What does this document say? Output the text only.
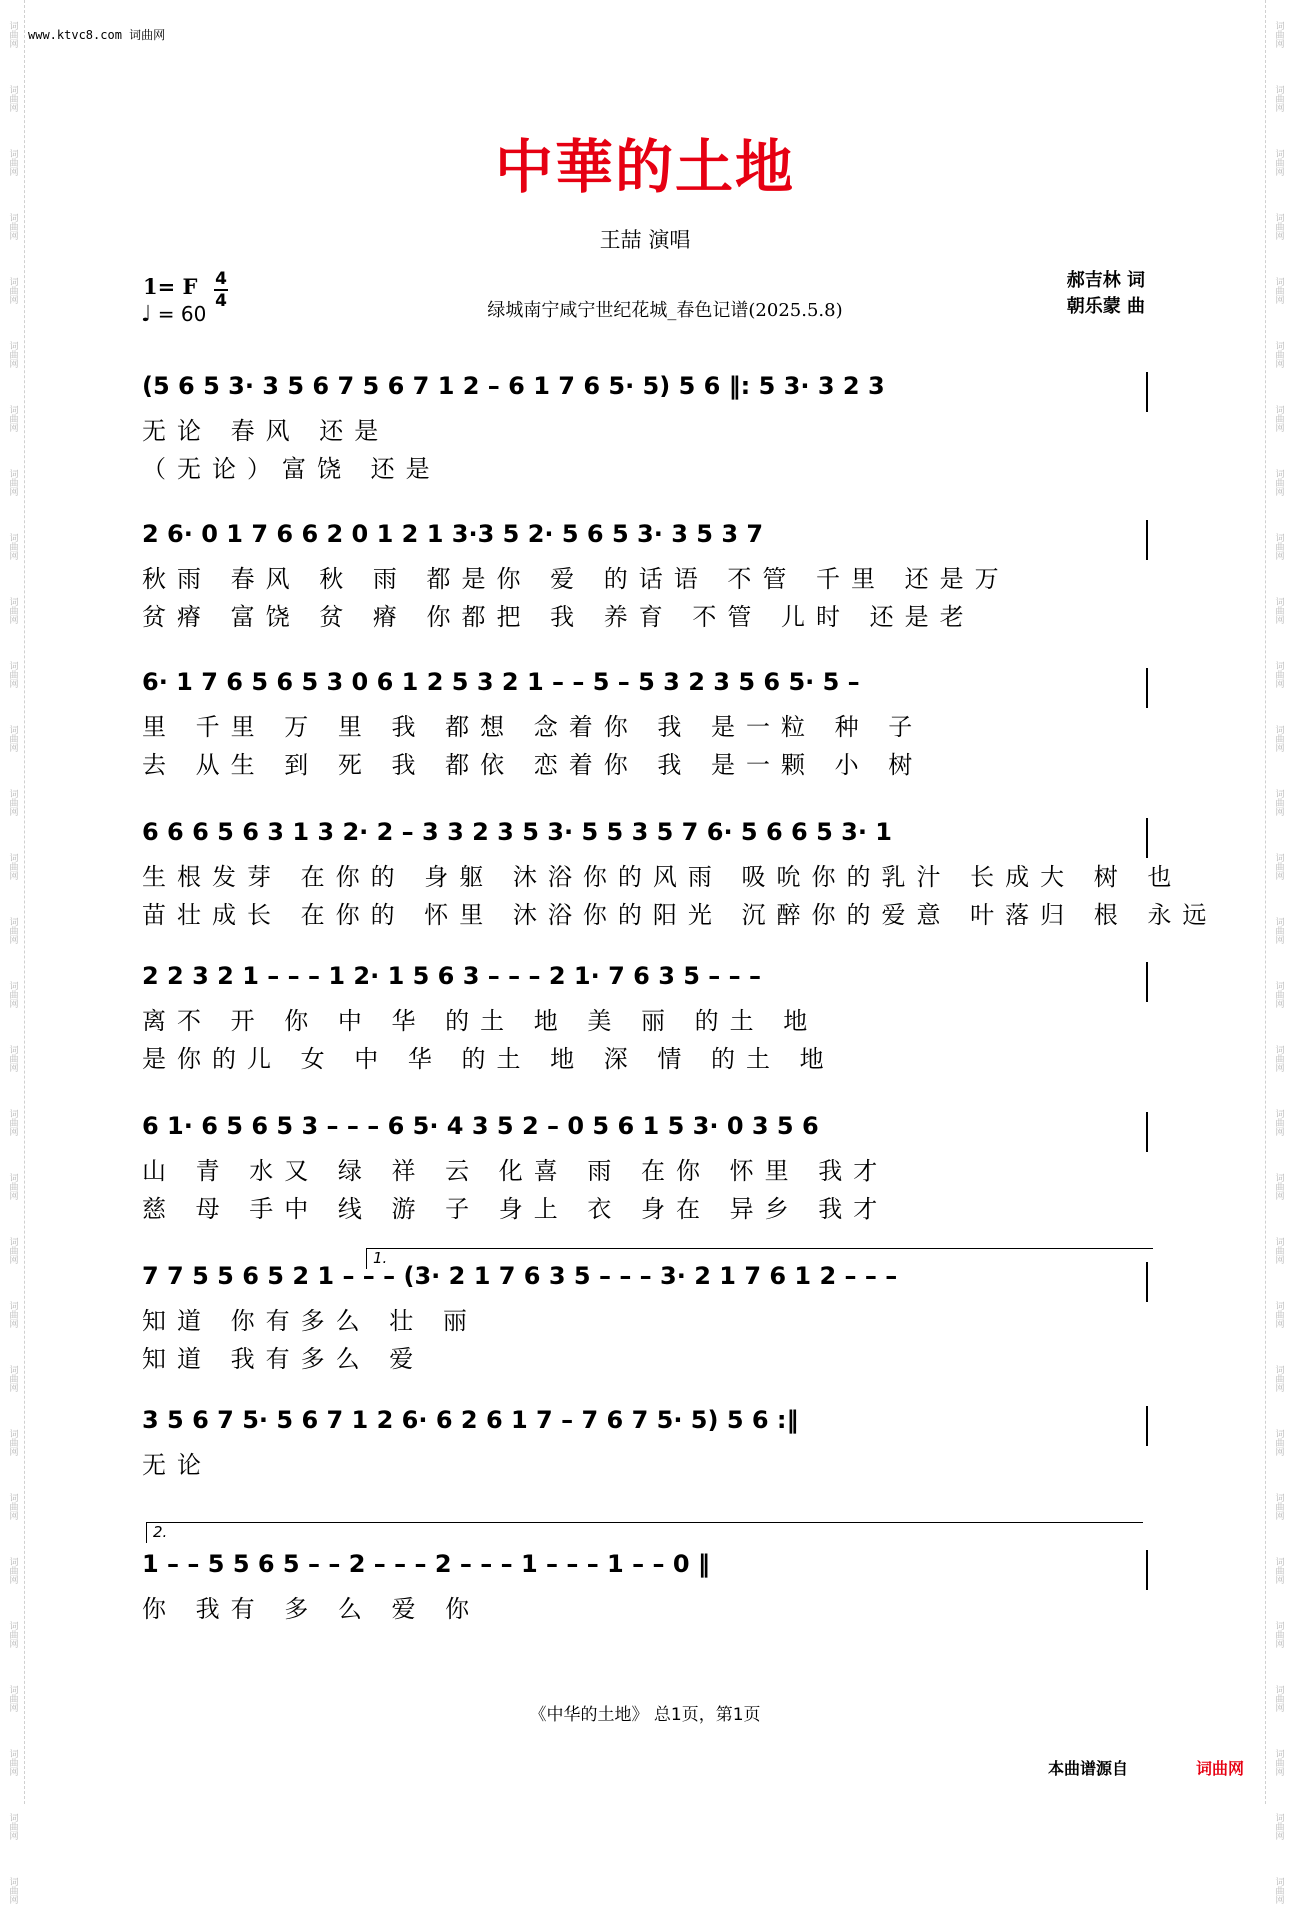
词曲网
词曲网
词曲网
词曲网
词曲网
词曲网
词曲网
词曲网
词曲网
词曲网
词曲网
词曲网
词曲网
词曲网
词曲网
词曲网
词曲网
词曲网
词曲网
词曲网
词曲网
词曲网
词曲网
词曲网
词曲网
词曲网
词曲网
词曲网
词曲网
词曲网
词曲网
词曲网
词曲网
词曲网
词曲网
词曲网
词曲网
词曲网
词曲网
词曲网
词曲网
词曲网
词曲网
词曲网
词曲网
词曲网
词曲网
词曲网
词曲网
词曲网
词曲网
词曲网
词曲网
词曲网
词曲网
词曲网
词曲网
词曲网
词曲网
词曲网
www.ktvc8.com 词曲网
中華的土地
王喆 演唱
1= F 4
4
♩ = 60	绿城南宁咸宁世纪花城_春色记谱(2025.5.8)
郝吉林 词
朝乐蒙 曲
(5 6 5 3· 3 5 6 7 5 6 7 1 2 – 6 1 7 6 5· 5) 5 6 ‖: 5 3· 3 2 3
无论 春风 还是
（无论）富饶 还是
2 6· 0 1 7 6 6 2 0 1 2 1 3·3 5 2· 5 6 5 3· 3 5 3 7
秋雨 春风 秋 雨 都是你 爱 的话语 不管 千里 还是万
贫瘠 富饶 贫 瘠 你都把 我 养育 不管 儿时 还是老
6· 1 7 6 5 6 5 3 0 6 1 2 5 3 2 1 – – 5 – 5 3 2 3 5 6 5· 5 –
里 千里 万 里 我 都想 念着你 我 是一粒 种 子
去 从生 到 死 我 都依 恋着你 我 是一颗 小 树
6 6 6 5 6 3 1 3 2· 2 – 3 3 2 3 5 3· 5 5 3 5 7 6· 5 6 6 5 3· 1
生根发芽 在你的 身躯 沐浴你的风雨 吸吮你的乳汁 长成大 树 也
苗壮成长 在你的 怀里 沐浴你的阳光 沉醉你的爱意 叶落归 根 永远
2 2 3 2 1 – – – 1 2· 1 5 6 3 – – – 2 1· 7 6 3 5 – – –
离不 开 你 中 华 的土 地 美 丽 的土 地
是你的儿 女 中 华 的土 地 深 情 的土 地
6 1· 6 5 6 5 3 – – – 6 5· 4 3 5 2 – 0 5 6 1 5 3· 0 3 5 6
山 青 水又 绿 祥 云 化喜 雨 在你 怀里 我才
慈 母 手中 线 游 子 身上 衣 身在 异乡 我才
7 7 5 5 6 5 2 1 – – – (3· 2 1 7 6 3 5 – – – 3· 2 1 7 6 1 2 – – –
知道 你有多么 壮 丽
知道 我有多么 爱
3 5 6 7 5· 5 6 7 1 2 6· 6 2 6 1 7 – 7 6 7 5· 5) 5 6 :‖
无论
1 – – 5 5 6 5 – – 2 – – – 2 – – – 1 – – – 1 – – 0 ‖
你 我有 多 么 爱 你
1.
2.
《中华的土地》 总1页，第1页
本曲谱源自	词曲网
